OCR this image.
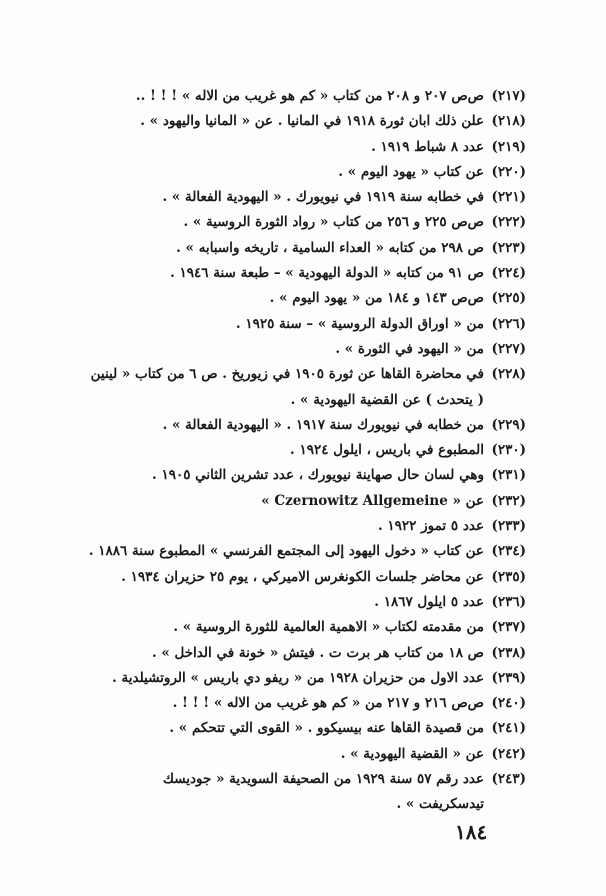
(٢١٧)
ص‌ص ٢٠٧ و ٢٠٨ من كتاب « كم هو غريب من الاله » ! ! ! ..
(٢١٨)
علن ذلك ابان ثورة ١٩١٨ في المانيا . عن « المانيا واليهود » .
(٢١٩)
عدد ٨ شباط ١٩١٩ .
(٢٢٠)
عن كتاب « يهود اليوم » .
(٢٢١)
في خطابه سنة ١٩١٩ في نيويورك . « اليهودية الفعالة » .
(٢٢٢)
ص‌ص ٢٢٥ و ٢٥٦ من كتاب « رواد الثورة الروسية » .
(٢٢٣)
ص ٢٩٨ من كتابه « العداء السامية ، تاريخه واسبابه » .
(٢٢٤)
ص ٩١ من كتابه « الدولة اليهودية » – طبعة سنة ١٩٤٦ .
(٢٢٥)
ص‌ص ١٤٣ و ١٨٤ من « يهود اليوم » .
(٢٢٦)
من « اوراق الدولة الروسية » – سنة ١٩٢٥ .
(٢٢٧)
من « اليهود في الثورة » .
(٢٢٨)
في محاضرة القاها عن ثورة ١٩٠٥ في زيوريخ . ص ٦ من كتاب « لينين
( يتحدث ) عن القضية اليهودية » .
(٢٢٩)
من خطابه في نيويورك سنة ١٩١٧ . « اليهودية الفعالة » .
(٢٣٠)
المطبوع في باريس ، ايلول ١٩٢٤ .
(٢٣١)
وهي لسان حال صهاينة نيويورك ، عدد تشرين الثاني ١٩٠٥ .
(٢٣٢)
عن « Czernowitz Allgemeine »
(٢٣٣)
عدد ٥ تموز ١٩٢٢ .
(٢٣٤)
عن كتاب « دخول اليهود إلى المجتمع الفرنسي » المطبوع سنة ١٨٨٦ .
(٢٣٥)
عن محاضر جلسات الكونغرس الاميركي ، يوم ٢٥ حزيران ١٩٣٤ .
(٢٣٦)
عدد ٥ ايلول ١٨٦٧ .
(٢٣٧)
من مقدمته لكتاب « الاهمية العالمية للثورة الروسية » .
(٢٣٨)
ص ١٨ من كتاب هر برت ت . فيتش « خونة في الداخل » .
(٢٣٩)
عدد الاول من حزيران ١٩٢٨ من « ريفو دي باريس » الروتشيلدية .
(٢٤٠)
ص‌ص ٢١٦ و ٢١٧ من « كم هو غريب من الاله » ! ! ! .
(٢٤١)
من قصيدة القاها عنه بيسيكوو . « القوى التي تتحكم » .
(٢٤٢)
عن « القضية اليهودية » .
(٢٤٣)
عدد رقم ٥٧ سنة ١٩٢٩ من الصحيفة السويدية « جوديسك
تيدسكريفت » .
١٨٤
